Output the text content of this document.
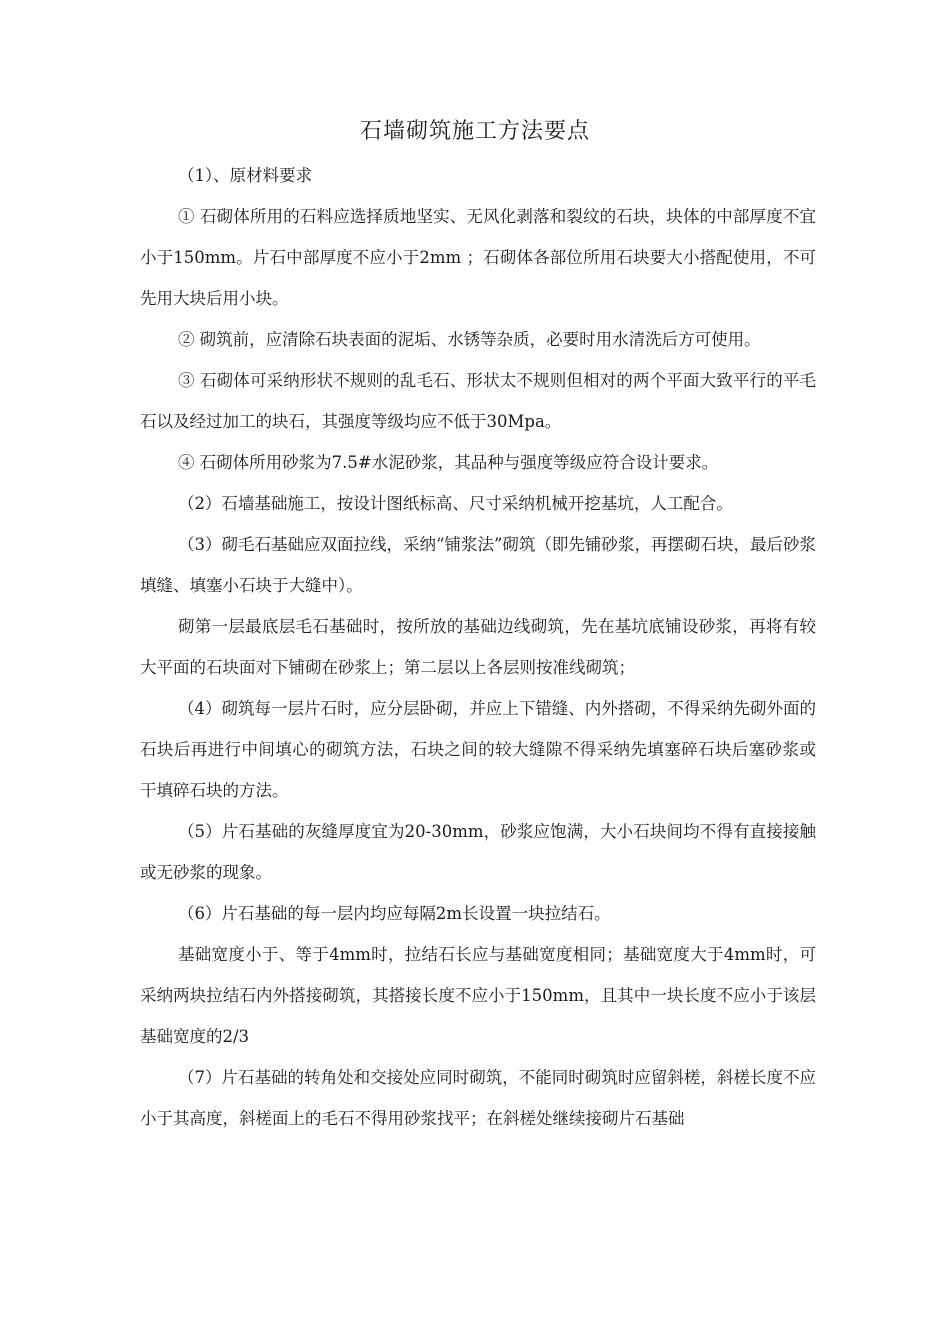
石墙砌筑施工方法要点

（1）、原材料要求

① 石砌体所用的石料应选择质地坚实、无风化剥落和裂纹的石块，块体的中部厚度不宜小于150mm。片石中部厚度不应小于2mm ；石砌体各部位所用石块要大小搭配使用，不可先用大块后用小块。

② 砌筑前，应清除石块表面的泥垢、水锈等杂质，必要时用水清洗后方可使用。

③ 石砌体可采纳形状不规则的乱毛石、形状太不规则但相对的两个平面大致平行的平毛石以及经过加工的块石，其强度等级均应不低于30Mpa。

④ 石砌体所用砂浆为7.5#水泥砂浆，其品种与强度等级应符合设计要求。

（2）石墙基础施工，按设计图纸标高、尺寸采纳机械开挖基坑，人工配合。

（3）砌毛石基础应双面拉线，采纳“铺浆法”砌筑（即先铺砂浆，再摆砌石块，最后砂浆填缝、填塞小石块于大缝中）。

砌第一层最底层毛石基础时，按所放的基础边线砌筑，先在基坑底铺设砂浆，再将有较大平面的石块面对下铺砌在砂浆上；第二层以上各层则按准线砌筑；

（4）砌筑每一层片石时，应分层卧砌，并应上下错缝、内外搭砌，不得采纳先砌外面的石块后再进行中间填心的砌筑方法，石块之间的较大缝隙不得采纳先填塞碎石块后塞砂浆或干填碎石块的方法。

（5）片石基础的灰缝厚度宜为20-30mm，砂浆应饱满，大小石块间均不得有直接接触或无砂浆的现象。

（6）片石基础的每一层内均应每隔2m长设置一块拉结石。

基础宽度小于、等于4mm时，拉结石长应与基础宽度相同；基础宽度大于4mm时，可采纳两块拉结石内外搭接砌筑，其搭接长度不应小于150mm，且其中一块长度不应小于该层基础宽度的2/3

（7）片石基础的转角处和交接处应同时砌筑，不能同时砌筑时应留斜槎，斜槎长度不应小于其高度，斜槎面上的毛石不得用砂浆找平；在斜槎处继续接砌片石基础
